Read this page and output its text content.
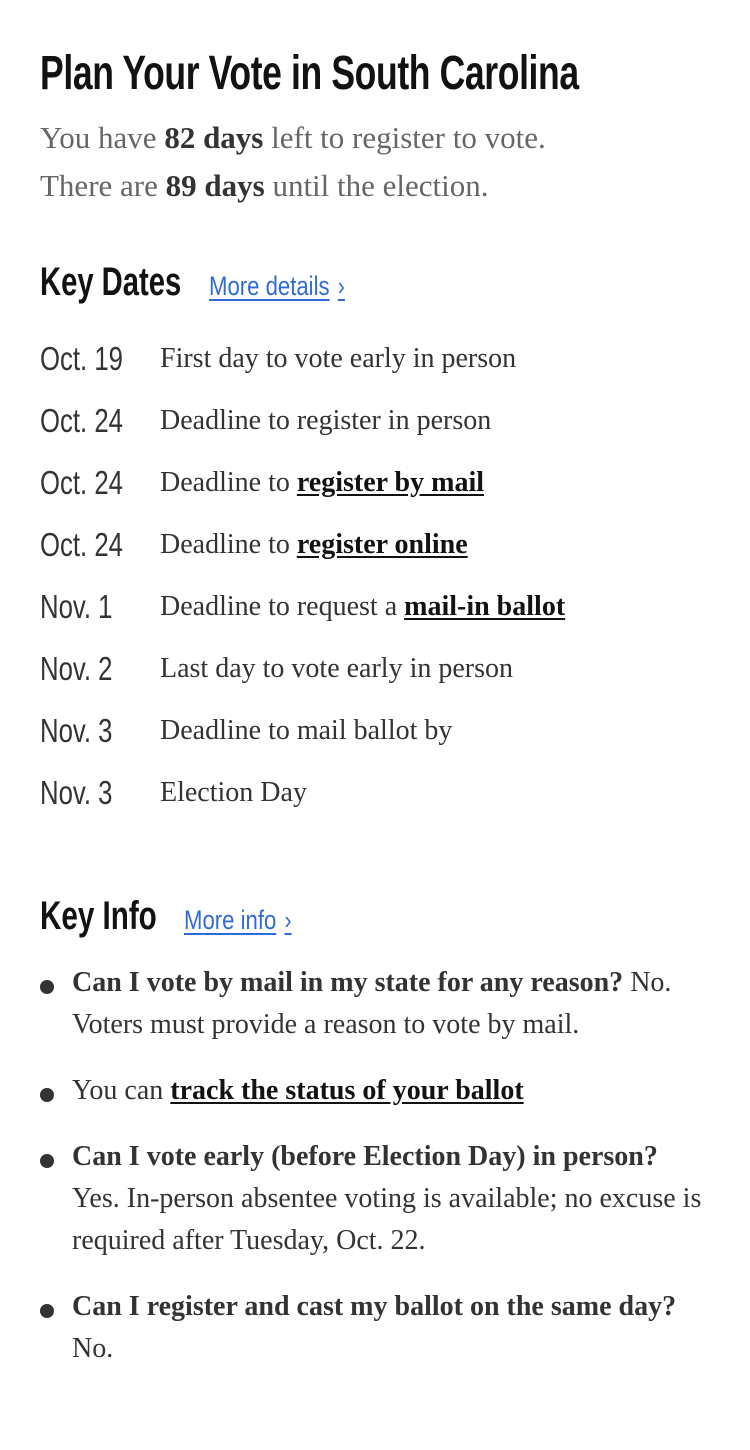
Plan Your Vote in South Carolina
You have 82 days left to register to vote.
There are 89 days until the election.
Key Dates More details ›
Oct. 19	First day to vote early in person
Oct. 24	Deadline to register in person
Oct. 24	Deadline to register by mail
Oct. 24	Deadline to register online
Nov. 1	Deadline to request a mail-in ballot
Nov. 2	Last day to vote early in person
Nov. 3	Deadline to mail ballot by
Nov. 3	Election Day
Key Info More info ›
Can I vote by mail in my state for any reason? No. Voters must provide a reason to vote by mail.
You can track the status of your ballot
Can I vote early (before Election Day) in person? Yes. In-person absentee voting is available; no excuse is required after Tuesday, Oct. 22.
Can I register and cast my ballot on the same day? No.
